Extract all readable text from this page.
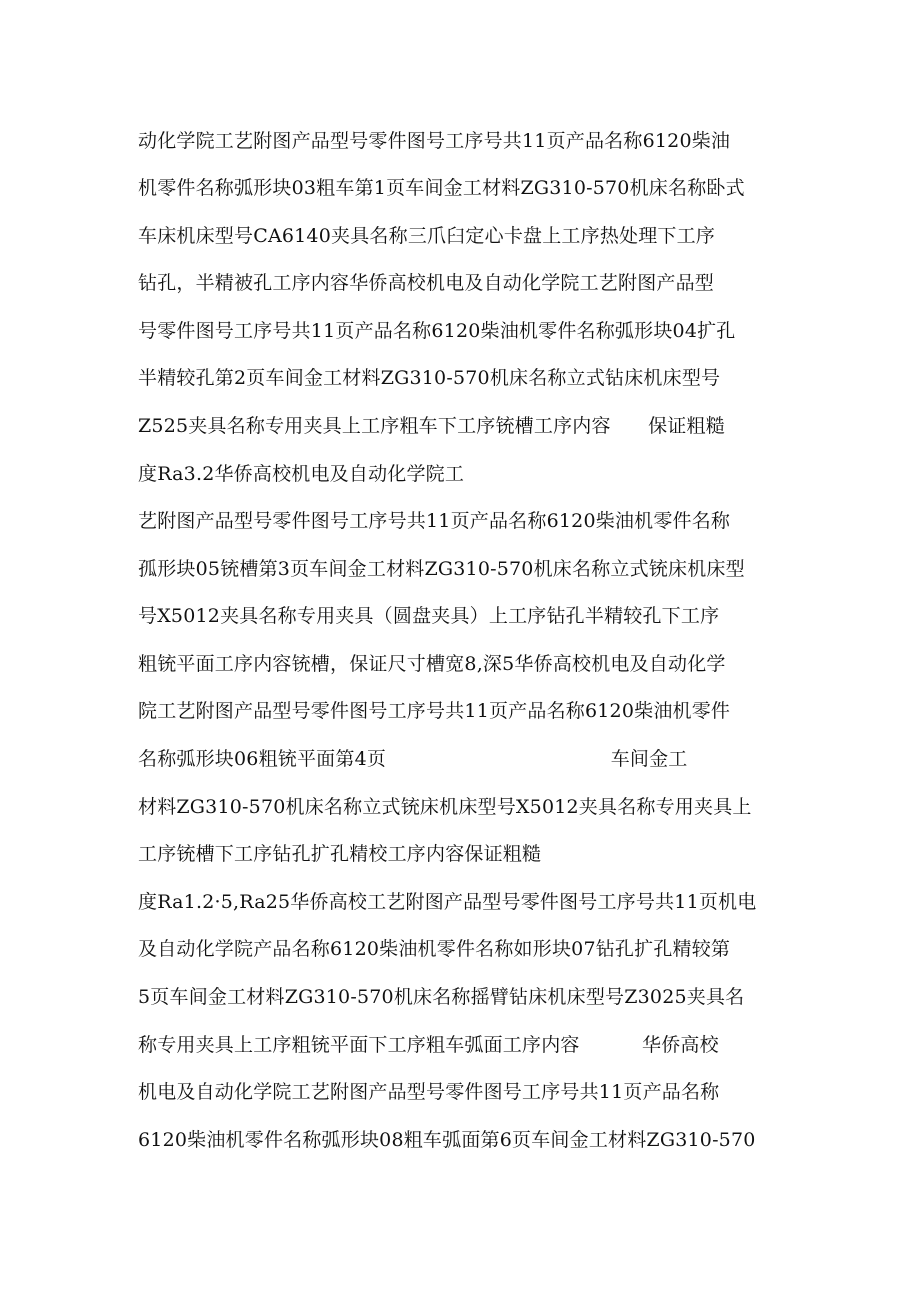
动化学院工艺附图产品型号零件图号工序号共11页产品名称6120柴油
机零件名称弧形块03粗车第1页车间金工材料ZG310-570机床名称卧式
车床机床型号CA6140夹具名称三爪臼定心卡盘上工序热处理下工序
钻孔，半精被孔工序内容华侨高校机电及自动化学院工艺附图产品型
号零件图号工序号共11页产品名称6120柴油机零件名称弧形块04扩孔
半精较孔第2页车间金工材料ZG310-570机床名称立式钻床机床型号
Z525夹具名称专用夹具上工序粗车下工序铳槽工序内容      保证粗糙
度Ra3.2华侨高校机电及自动化学院工
艺附图产品型号零件图号工序号共11页产品名称6120柴油机零件名称
孤形块05铳槽第3页车间金工材料ZG310-570机床名称立式铳床机床型
号X5012夹具名称专用夹具（圆盘夹具）上工序钻孔半精较孔下工序
粗铳平面工序内容铳槽，保证尺寸槽宽8,深5华侨高校机电及自动化学
院工艺附图产品型号零件图号工序号共11页产品名称6120柴油机零件
名称弧形块06粗铳平面第4页                                    车间金工
材料ZG310-570机床名称立式铳床机床型号X5012夹具名称专用夹具上
工序铳槽下工序钻孔扩孔精校工序内容保证粗糙
度Ra1.2·5,Ra25华侨高校工艺附图产品型号零件图号工序号共11页机电
及自动化学院产品名称6120柴油机零件名称如形块07钻孔扩孔精较第
5页车间金工材料ZG310-570机床名称摇臂钻床机床型号Z3025夹具名
称专用夹具上工序粗铳平面下工序粗车弧面工序内容          华侨高校
机电及自动化学院工艺附图产品型号零件图号工序号共11页产品名称
6120柴油机零件名称弧形块08粗车弧面第6页车间金工材料ZG310-570
